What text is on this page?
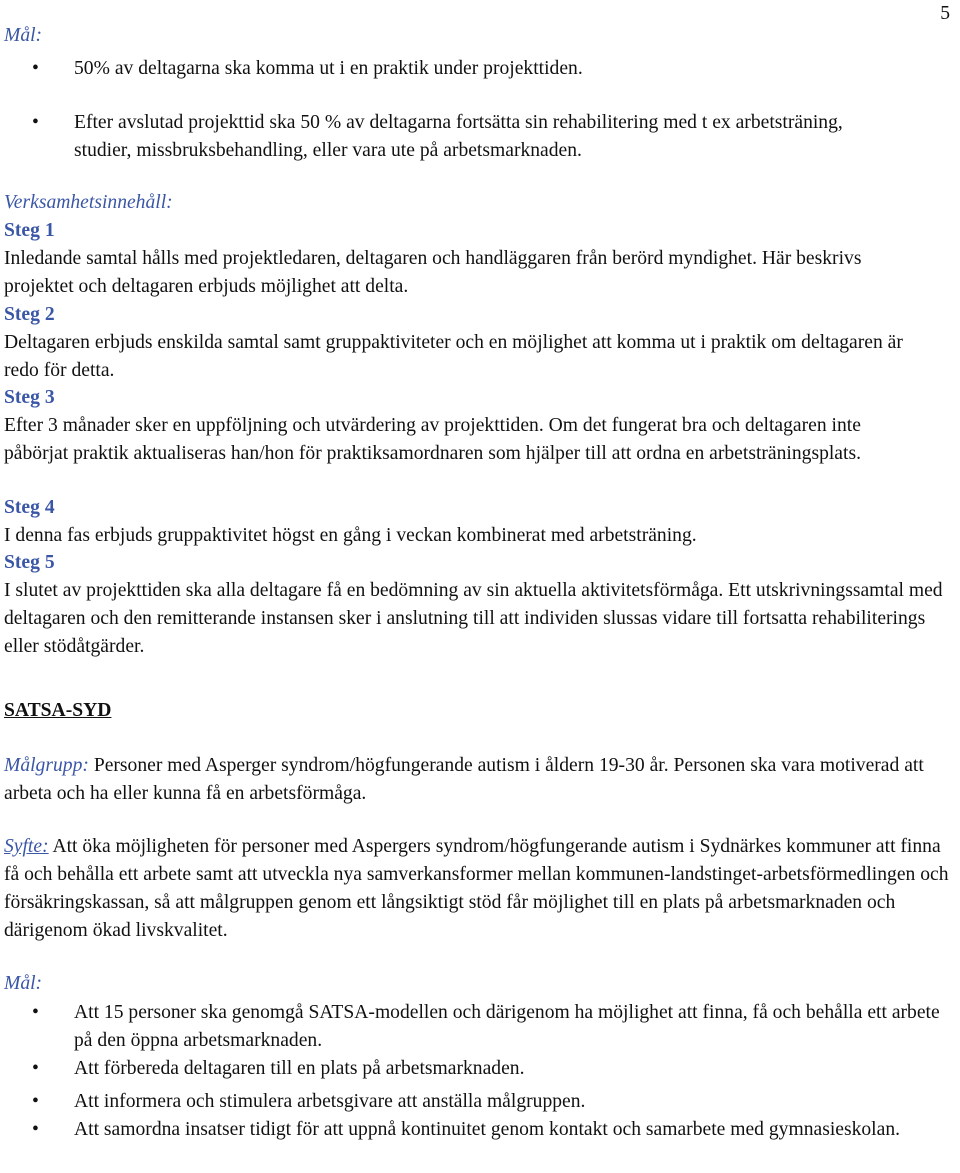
5
Mål:
• 50% av deltagarna ska komma ut i en praktik under projekttiden.

• Efter avslutad projekttid ska 50 % av deltagarna fortsätta sin rehabilitering med t ex arbetsträning, studier, missbruksbehandling, eller vara ute på arbetsmarknaden.

Verksamhetsinnehåll:

Steg 1

Inledande samtal hålls med projektledaren, deltagaren och handläggaren från berörd myndighet. Här beskrivs projektet och deltagaren erbjuds möjlighet att delta.

Steg 2

Deltagaren erbjuds enskilda samtal samt gruppaktiviteter och en möjlighet att komma ut i praktik om deltagaren är redo för detta.

Steg 3

Efter 3 månader sker en uppföljning och utvärdering av projekttiden. Om det fungerat bra och deltagaren inte påbörjat praktik aktualiseras han/hon för praktiksamordnaren som hjälper till att ordna en arbetsträningsplats.

Steg 4

I denna fas erbjuds gruppaktivitet högst en gång i veckan kombinerat med arbetsträning.

Steg 5

I slutet av projekttiden ska alla deltagare få en bedömning av sin aktuella aktivitetsförmåga. Ett utskrivningssamtal med deltagaren och den remitterande instansen sker i anslutning till att individen slussas vidare till fortsatta rehabiliterings eller stödåtgärder.

SATSA-SYD

Målgrupp: Personer med Asperger syndrom/högfungerande autism i åldern 19-30 år. Personen ska vara motiverad att arbeta och ha eller kunna få en arbetsförmåga.

Syfte: Att öka möjligheten för personer med Aspergers syndrom/högfungerande autism i Sydnärkes kommuner att finna få och behålla ett arbete samt att utveckla nya samverkansformer mellan kommunen-landstinget-arbetsförmedlingen och försäkringskassan, så att målgruppen genom ett långsiktigt stöd får möjlighet till en plats på arbetsmarknaden och därigenom ökad livskvalitet.

Mål:
• Att 15 personer ska genomgå SATSA-modellen och därigenom ha möjlighet att finna, få och behålla ett arbete på den öppna arbetsmarknaden.

• Att förbereda deltagaren till en plats på arbetsmarknaden.

• Att informera och stimulera arbetsgivare att anställa målgruppen.

• Att samordna insatser tidigt för att uppnå kontinuitet genom kontakt och samarbete med gymnasieskolan.
